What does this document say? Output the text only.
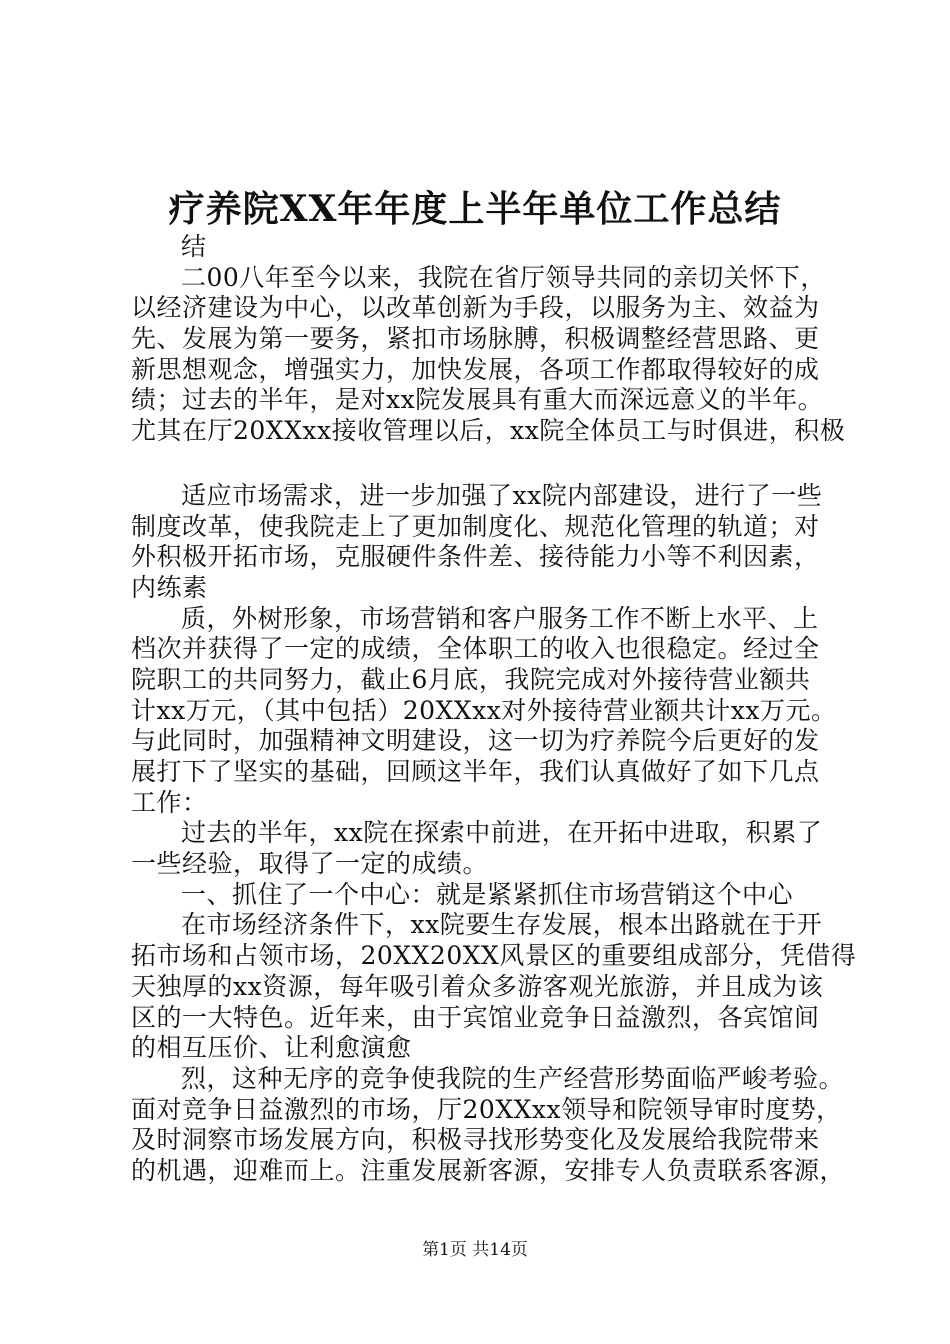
疗养院XX年年度上半年单位工作总结
结
二00八年至今以来，我院在省厅领导共同的亲切关怀下，
以经济建设为中心，以改革创新为手段，以服务为主、效益为
先、发展为第一要务，紧扣市场脉膊，积极调整经营思路、更
新思想观念，增强实力，加快发展，各项工作都取得较好的成
绩；过去的半年，是对xx院发展具有重大而深远意义的半年。
尤其在厅20XXxx接收管理以后，xx院全体员工与时俱进，积极
适应市场需求，进一步加强了xx院内部建设，进行了一些
制度改革，使我院走上了更加制度化、规范化管理的轨道；对
外积极开拓市场，克服硬件条件差、接待能力小等不利因素，
内练素
质，外树形象，市场营销和客户服务工作不断上水平、上
档次并获得了一定的成绩，全体职工的收入也很稳定。经过全
院职工的共同努力，截止6月底，我院完成对外接待营业额共
计xx万元，（其中包括）20XXxx对外接待营业额共计xx万元。
与此同时，加强精神文明建设，这一切为疗养院今后更好的发
展打下了坚实的基础，回顾这半年，我们认真做好了如下几点
工作：
过去的半年，xx院在探索中前进，在开拓中进取，积累了
一些经验，取得了一定的成绩。
一、抓住了一个中心：就是紧紧抓住市场营销这个中心
在市场经济条件下，xx院要生存发展，根本出路就在于开
拓市场和占领市场，20XX20XX风景区的重要组成部分，凭借得
天独厚的xx资源，每年吸引着众多游客观光旅游，并且成为该
区的一大特色。近年来，由于宾馆业竞争日益激烈，各宾馆间
的相互压价、让利愈演愈
烈，这种无序的竞争使我院的生产经营形势面临严峻考验。
面对竞争日益激烈的市场，厅20XXxx领导和院领导审时度势，
及时洞察市场发展方向，积极寻找形势变化及发展给我院带来
的机遇，迎难而上。注重发展新客源，安排专人负责联系客源，
第1页 共14页
